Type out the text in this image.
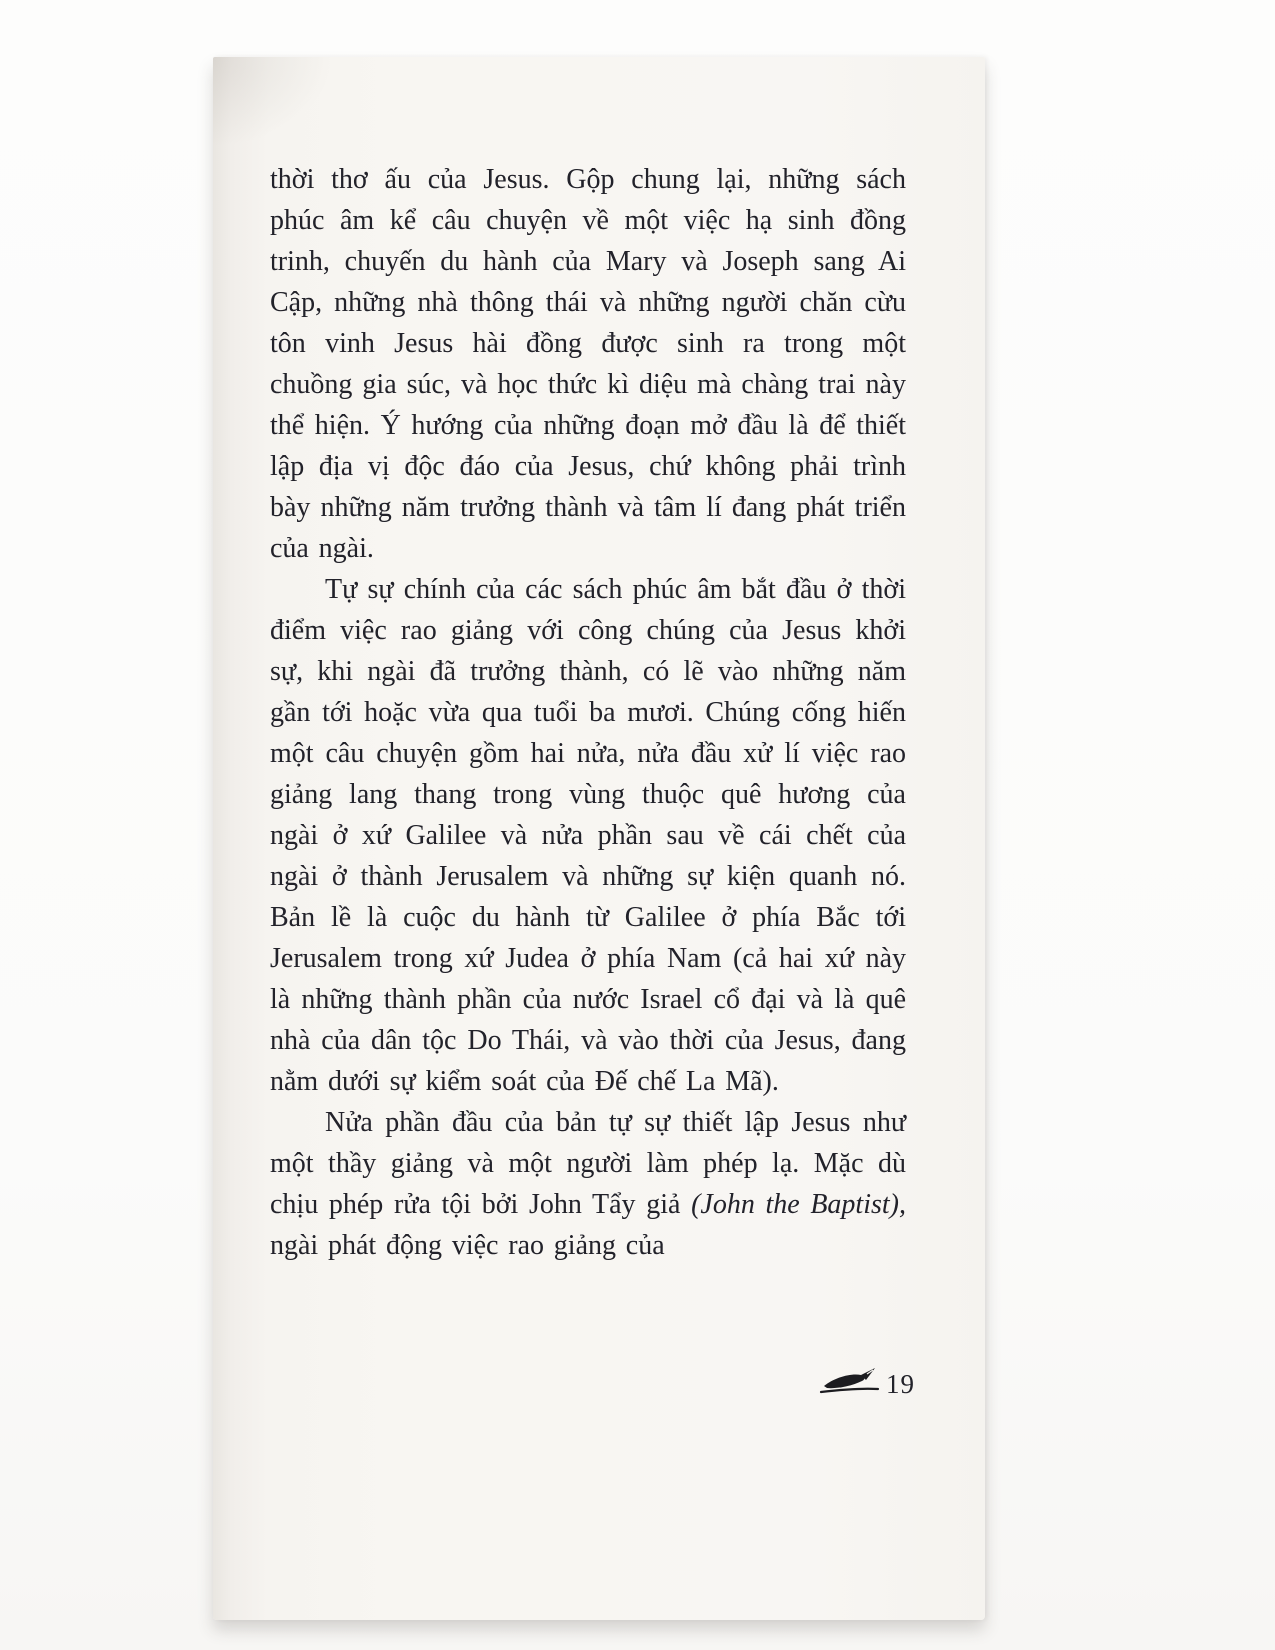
thời thơ ấu của Jesus. Gộp chung lại, những sách phúc âm kể câu chuyện về một việc hạ sinh đồng trinh, chuyến du hành của Mary và Joseph sang Ai Cập, những nhà thông thái và những người chăn cừu tôn vinh Jesus hài đồng được sinh ra trong một chuồng gia súc, và học thức kì diệu mà chàng trai này thể hiện. Ý hướng của những đoạn mở đầu là để thiết lập địa vị độc đáo của Jesus, chứ không phải trình bày những năm trưởng thành và tâm lí đang phát triển của ngài.

Tự sự chính của các sách phúc âm bắt đầu ở thời điểm việc rao giảng với công chúng của Jesus khởi sự, khi ngài đã trưởng thành, có lẽ vào những năm gần tới hoặc vừa qua tuổi ba mươi. Chúng cống hiến một câu chuyện gồm hai nửa, nửa đầu xử lí việc rao giảng lang thang trong vùng thuộc quê hương của ngài ở xứ Galilee và nửa phần sau về cái chết của ngài ở thành Jerusalem và những sự kiện quanh nó. Bản lề là cuộc du hành từ Galilee ở phía Bắc tới Jerusalem trong xứ Judea ở phía Nam (cả hai xứ này là những thành phần của nước Israel cổ đại và là quê nhà của dân tộc Do Thái, và vào thời của Jesus, đang nằm dưới sự kiểm soát của Đế chế La Mã).

Nửa phần đầu của bản tự sự thiết lập Jesus như một thầy giảng và một người làm phép lạ. Mặc dù chịu phép rửa tội bởi John Tẩy giả (John the Baptist), ngài phát động việc rao giảng của

19
